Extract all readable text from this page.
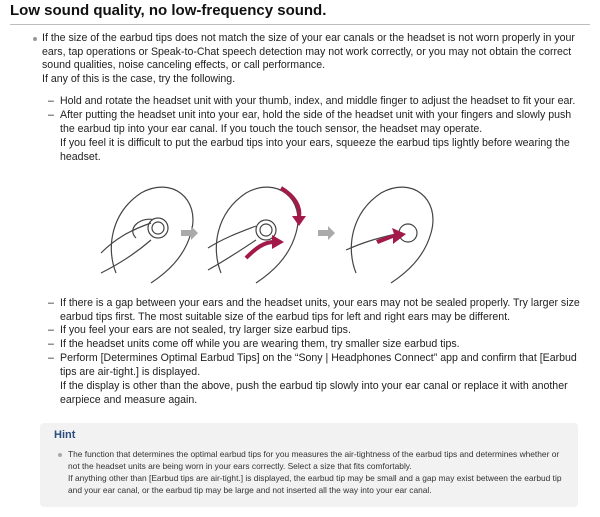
Low sound quality, no low-frequency sound.

If the size of the earbud tips does not match the size of your ear canals or the headset is not worn properly in your ears, tap operations or Speak-to-Chat speech detection may not work correctly, or you may not obtain the correct sound qualities, noise canceling effects, or call performance.

If any of this is the case, try the following.

– Hold and rotate the headset unit with your thumb, index, and middle finger to adjust the headset to fit your ear.
– After putting the headset unit into your ear, hold the side of the headset unit with your fingers and slowly push the earbud tip into your ear canal. If you touch the touch sensor, the headset may operate.
If you feel it is difficult to put the earbud tips into your ears, squeeze the earbud tips lightly before wearing the headset.
– If there is a gap between your ears and the headset units, your ears may not be sealed properly. Try larger size earbud tips first. The most suitable size of the earbud tips for left and right ears may be different.
– If you feel your ears are not sealed, try larger size earbud tips.
– If the headset units come off while you are wearing them, try smaller size earbud tips.
– Perform [Determines Optimal Earbud Tips] on the “Sony | Headphones Connect” app and confirm that [Earbud tips are air-tight.] is displayed.
If the display is other than the above, push the earbud tip slowly into your ear canal or replace it with another earpiece and measure again.
Hint

The function that determines the optimal earbud tips for you measures the air-tightness of the earbud tips and determines whether or not the headset units are being worn in your ears correctly. Select a size that fits comfortably.

If anything other than [Earbud tips are air-tight.] is displayed, the earbud tip may be small and a gap may exist between the earbud tip and your ear canal, or the earbud tip may be large and not inserted all the way into your ear canal.
